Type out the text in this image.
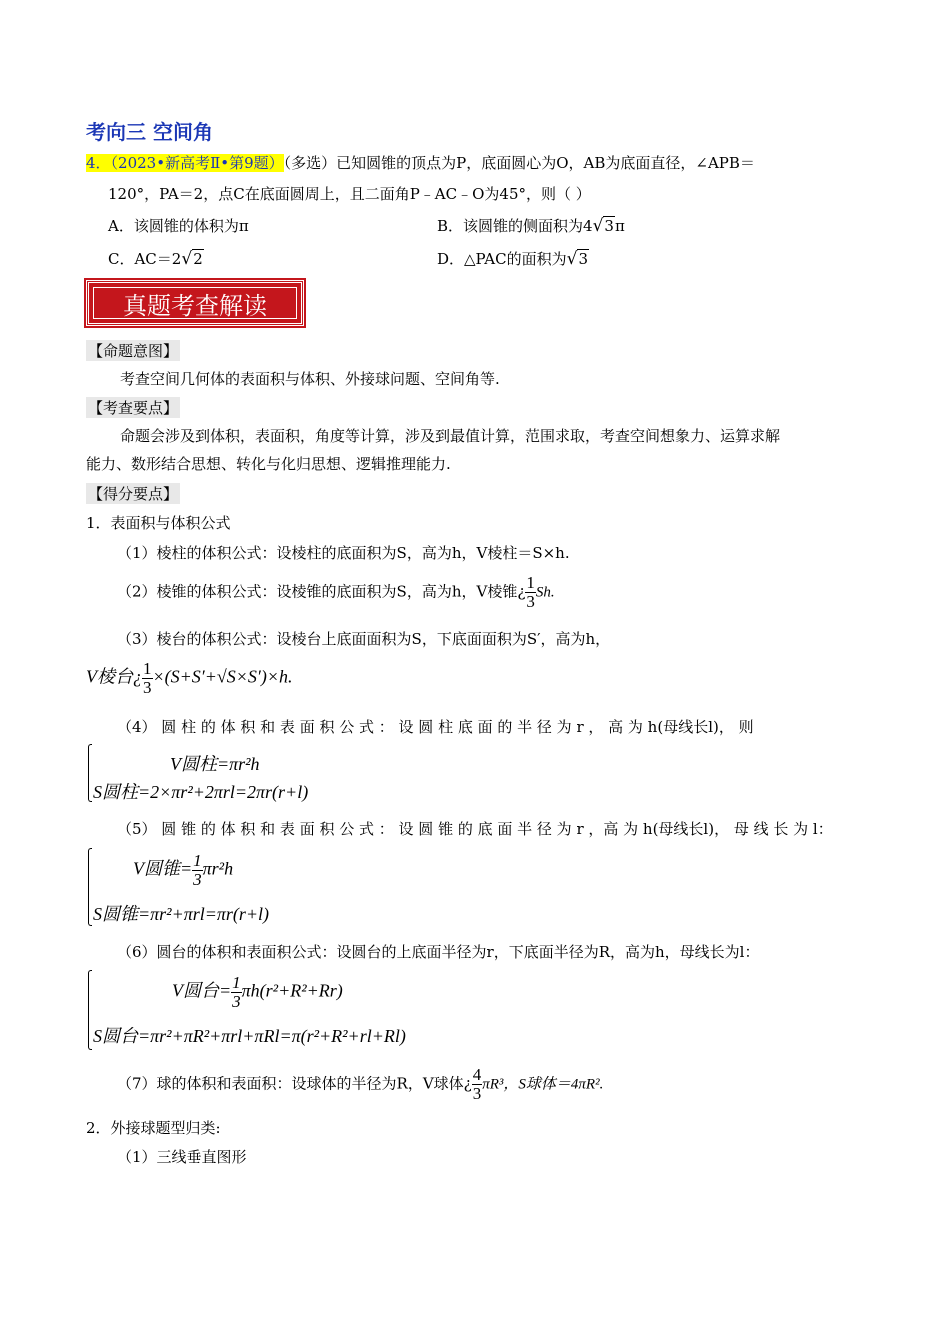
考向三 空间角
4．（2023•新高考Ⅱ•第9题）（多选）已知圆锥的顶点为P，底面圆心为O，AB为底面直径，∠APB＝
120°，PA＝2，点C在底面圆周上，且二面角P﹣AC﹣O为45°，则（ ）
A．该圆锥的体积为π	B．该圆锥的侧面积为4√3π
C．AC＝2√2	D．△PAC的面积为√3
真题考查解读
【命题意图】
考查空间几何体的表面积与体积、外接球问题、空间角等.
【考查要点】
命题会涉及到体积，表面积，角度等计算，涉及到最值计算，范围求取，考查空间想象力、运算求解
能力、数形结合思想、转化与化归思想、逻辑推理能力.
【得分要点】
1．表面积与体积公式
（1）棱柱的体积公式：设棱柱的底面积为S，高为h，V棱柱＝S×h.
（2）棱锥的体积公式：设棱锥的底面积为S，高为h，V棱锥¿ $\frac{1}{3} Sh$.
（3）棱台的体积公式：设棱台上底面面积为S，下底面面积为S′，高为h，
V棱台¿ $\frac{1}{3} \times(S+S'+√S\times S')\times h$.
（4） 圆 柱 的 体 积 和 表 面 积 公 式 ： 设 圆 柱 底 面 的 半 径 为 r ， 高 为 h(母线长l)， 则
V圆柱=πr²h
S圆柱=2×πr²+2πrl=2πr(r+l)
（5） 圆 锥 的 体 积 和 表 面 积 公 式 ： 设 圆 锥 的 底 面 半 径 为 r ，高 为 h(母线长l)， 母 线 长 为 l：
V圆锥= $\frac{1}{3} \pi r^2h$
S圆锥=πr²+πrl=πr(r+l)
（6）圆台的体积和表面积公式：设圆台的上底面半径为r，下底面半径为R，高为h，母线长为l：
V圆台= $\frac{1}{3} \pi h(r^2+R^2+Rr)$
S圆台=πr²+πR²+πrl+πRl=π(r²+R²+rl+Rl)
（7）球的体积和表面积：设球体的半径为R，V球体¿ $\frac{4}{3} \pi R^3$，S球体＝4πR².
2．外接球题型归类:
（1）三线垂直图形
